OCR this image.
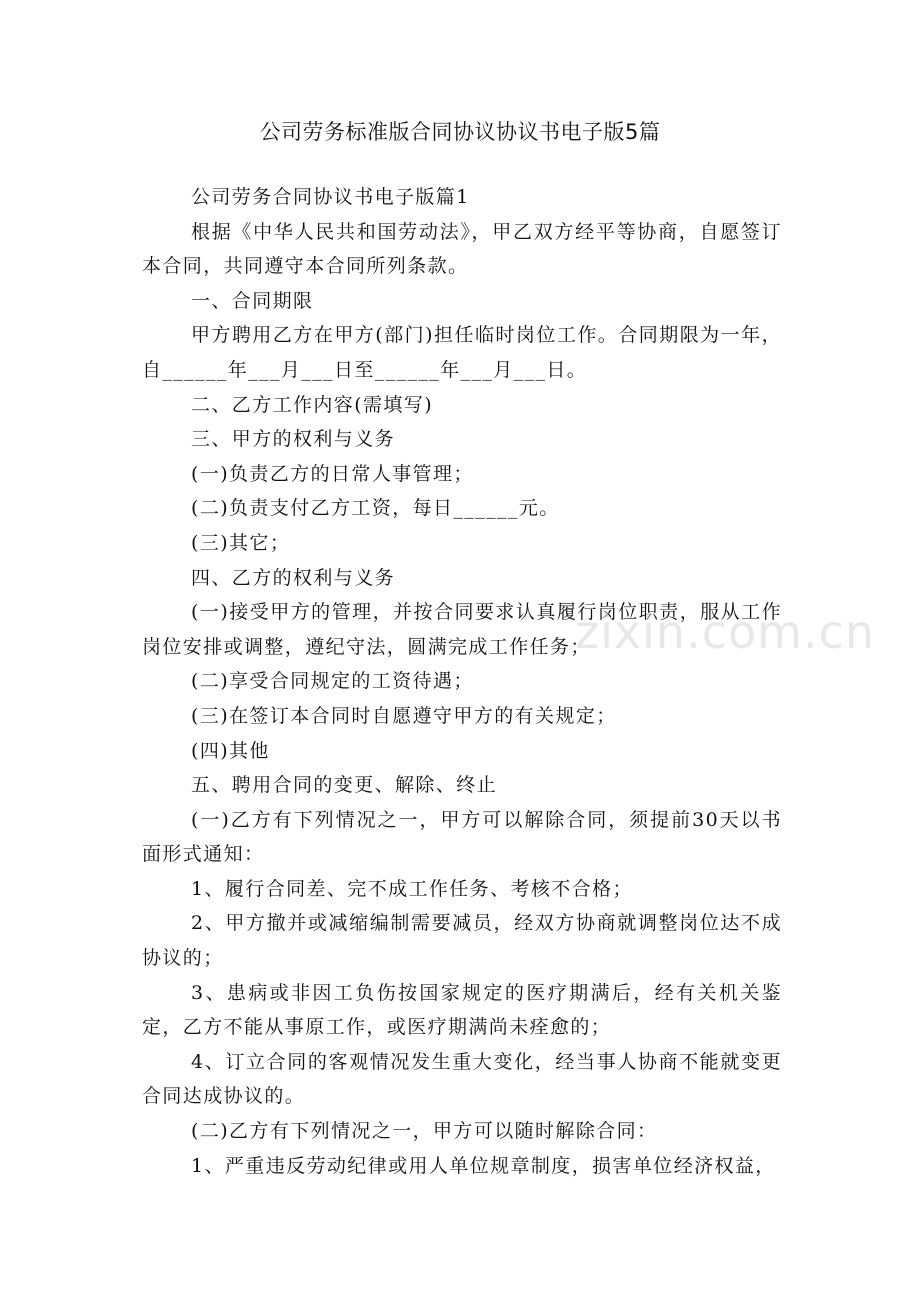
公司劳务标准版合同协议协议书电子版5篇

公司劳务合同协议书电子版篇1

根据《中华人民共和国劳动法》，甲乙双方经平等协商，自愿签订本合同，共同遵守本合同所列条款。

一、合同期限

甲方聘用乙方在甲方(部门)担任临时岗位工作。合同期限为一年，自______年___月___日至______年___月___日。

二、乙方工作内容(需填写)

三、甲方的权利与义务

(一)负责乙方的日常人事管理；

(二)负责支付乙方工资，每日______元。

(三)其它；

四、乙方的权利与义务

(一)接受甲方的管理，并按合同要求认真履行岗位职责，服从工作岗位安排或调整，遵纪守法，圆满完成工作任务；

(二)享受合同规定的工资待遇；

(三)在签订本合同时自愿遵守甲方的有关规定；

(四)其他

五、聘用合同的变更、解除、终止

(一)乙方有下列情况之一，甲方可以解除合同，须提前30天以书面形式通知：

1、履行合同差、完不成工作任务、考核不合格；

2、甲方撤并或减缩编制需要减员，经双方协商就调整岗位达不成协议的；

3、患病或非因工负伤按国家规定的医疗期满后，经有关机关鉴定，乙方不能从事原工作，或医疗期满尚未痊愈的；

4、订立合同的客观情况发生重大变化，经当事人协商不能就变更合同达成协议的。

(二)乙方有下列情况之一，甲方可以随时解除合同：

1、严重违反劳动纪律或用人单位规章制度，损害单位经济权益，

zixin.com.cn
